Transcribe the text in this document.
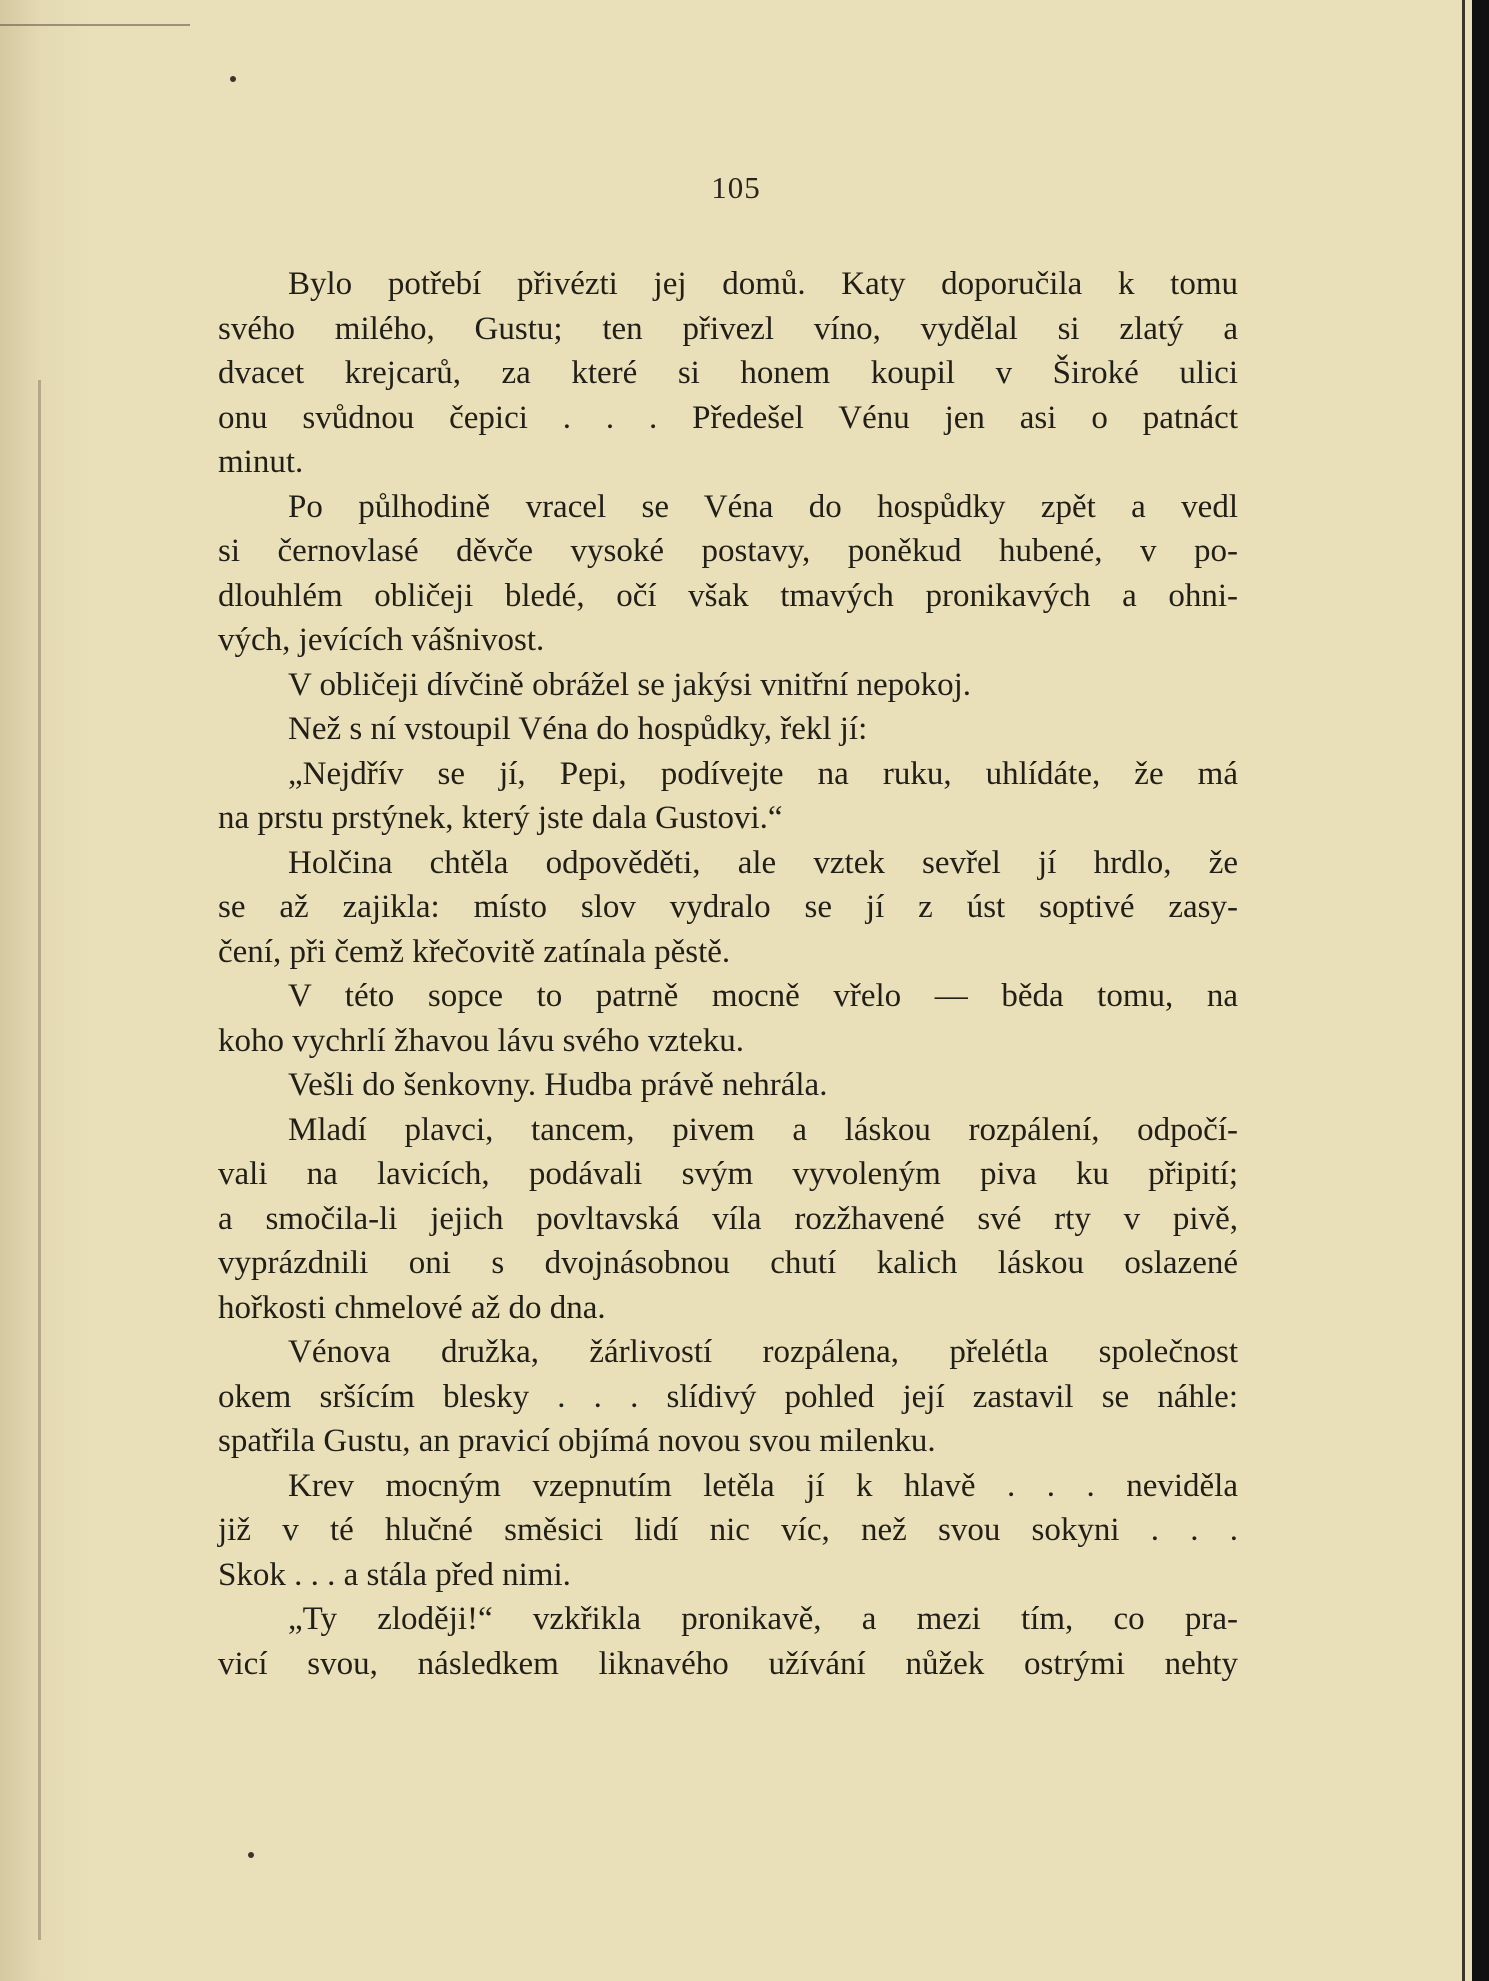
105
Bylo potřebí přivézti jej domů. Katy doporučila k tomu
svého milého, Gustu; ten přivezl víno, vydělal si zlatý a
dvacet krejcarů, za které si honem koupil v Široké ulici
onu svůdnou čepici . . . Předešel Vénu jen asi o patnáct
minut.
Po půlhodině vracel se Véna do hospůdky zpět a vedl
si černovlasé děvče vysoké postavy, poněkud hubené, v po-
dlouhlém obličeji bledé, očí však tmavých pronikavých a ohni-
vých, jevících vášnivost.
V obličeji dívčině obrážel se jakýsi vnitřní nepokoj.
Než s ní vstoupil Véna do hospůdky, řekl jí:
„Nejdřív se jí, Pepi, podívejte na ruku, uhlídáte, že má
na prstu prstýnek, který jste dala Gustovi.“
Holčina chtěla odpověděti, ale vztek sevřel jí hrdlo, že
se až zajikla: místo slov vydralo se jí z úst soptivé zasy-
čení, při čemž křečovitě zatínala pěstě.
V této sopce to patrně mocně vřelo — běda tomu, na
koho vychrlí žhavou lávu svého vzteku.
Vešli do šenkovny. Hudba právě nehrála.
Mladí plavci, tancem, pivem a láskou rozpálení, odpočí-
vali na lavicích, podávali svým vyvoleným piva ku připití;
a smočila-li jejich povltavská víla rozžhavené své rty v pivě,
vyprázdnili oni s dvojnásobnou chutí kalich láskou oslazené
hořkosti chmelové až do dna.
Vénova družka, žárlivostí rozpálena, přelétla společnost
okem sršícím blesky . . . slídivý pohled její zastavil se náhle:
spatřila Gustu, an pravicí objímá novou svou milenku.
Krev mocným vzepnutím letěla jí k hlavě . . . neviděla
již v té hlučné směsici lidí nic víc, než svou sokyni . . .
Skok . . . a stála před nimi.
„Ty zloději!“ vzkřikla pronikavě, a mezi tím, co pra-
vicí svou, následkem liknavého užívání nůžek ostrými nehty
